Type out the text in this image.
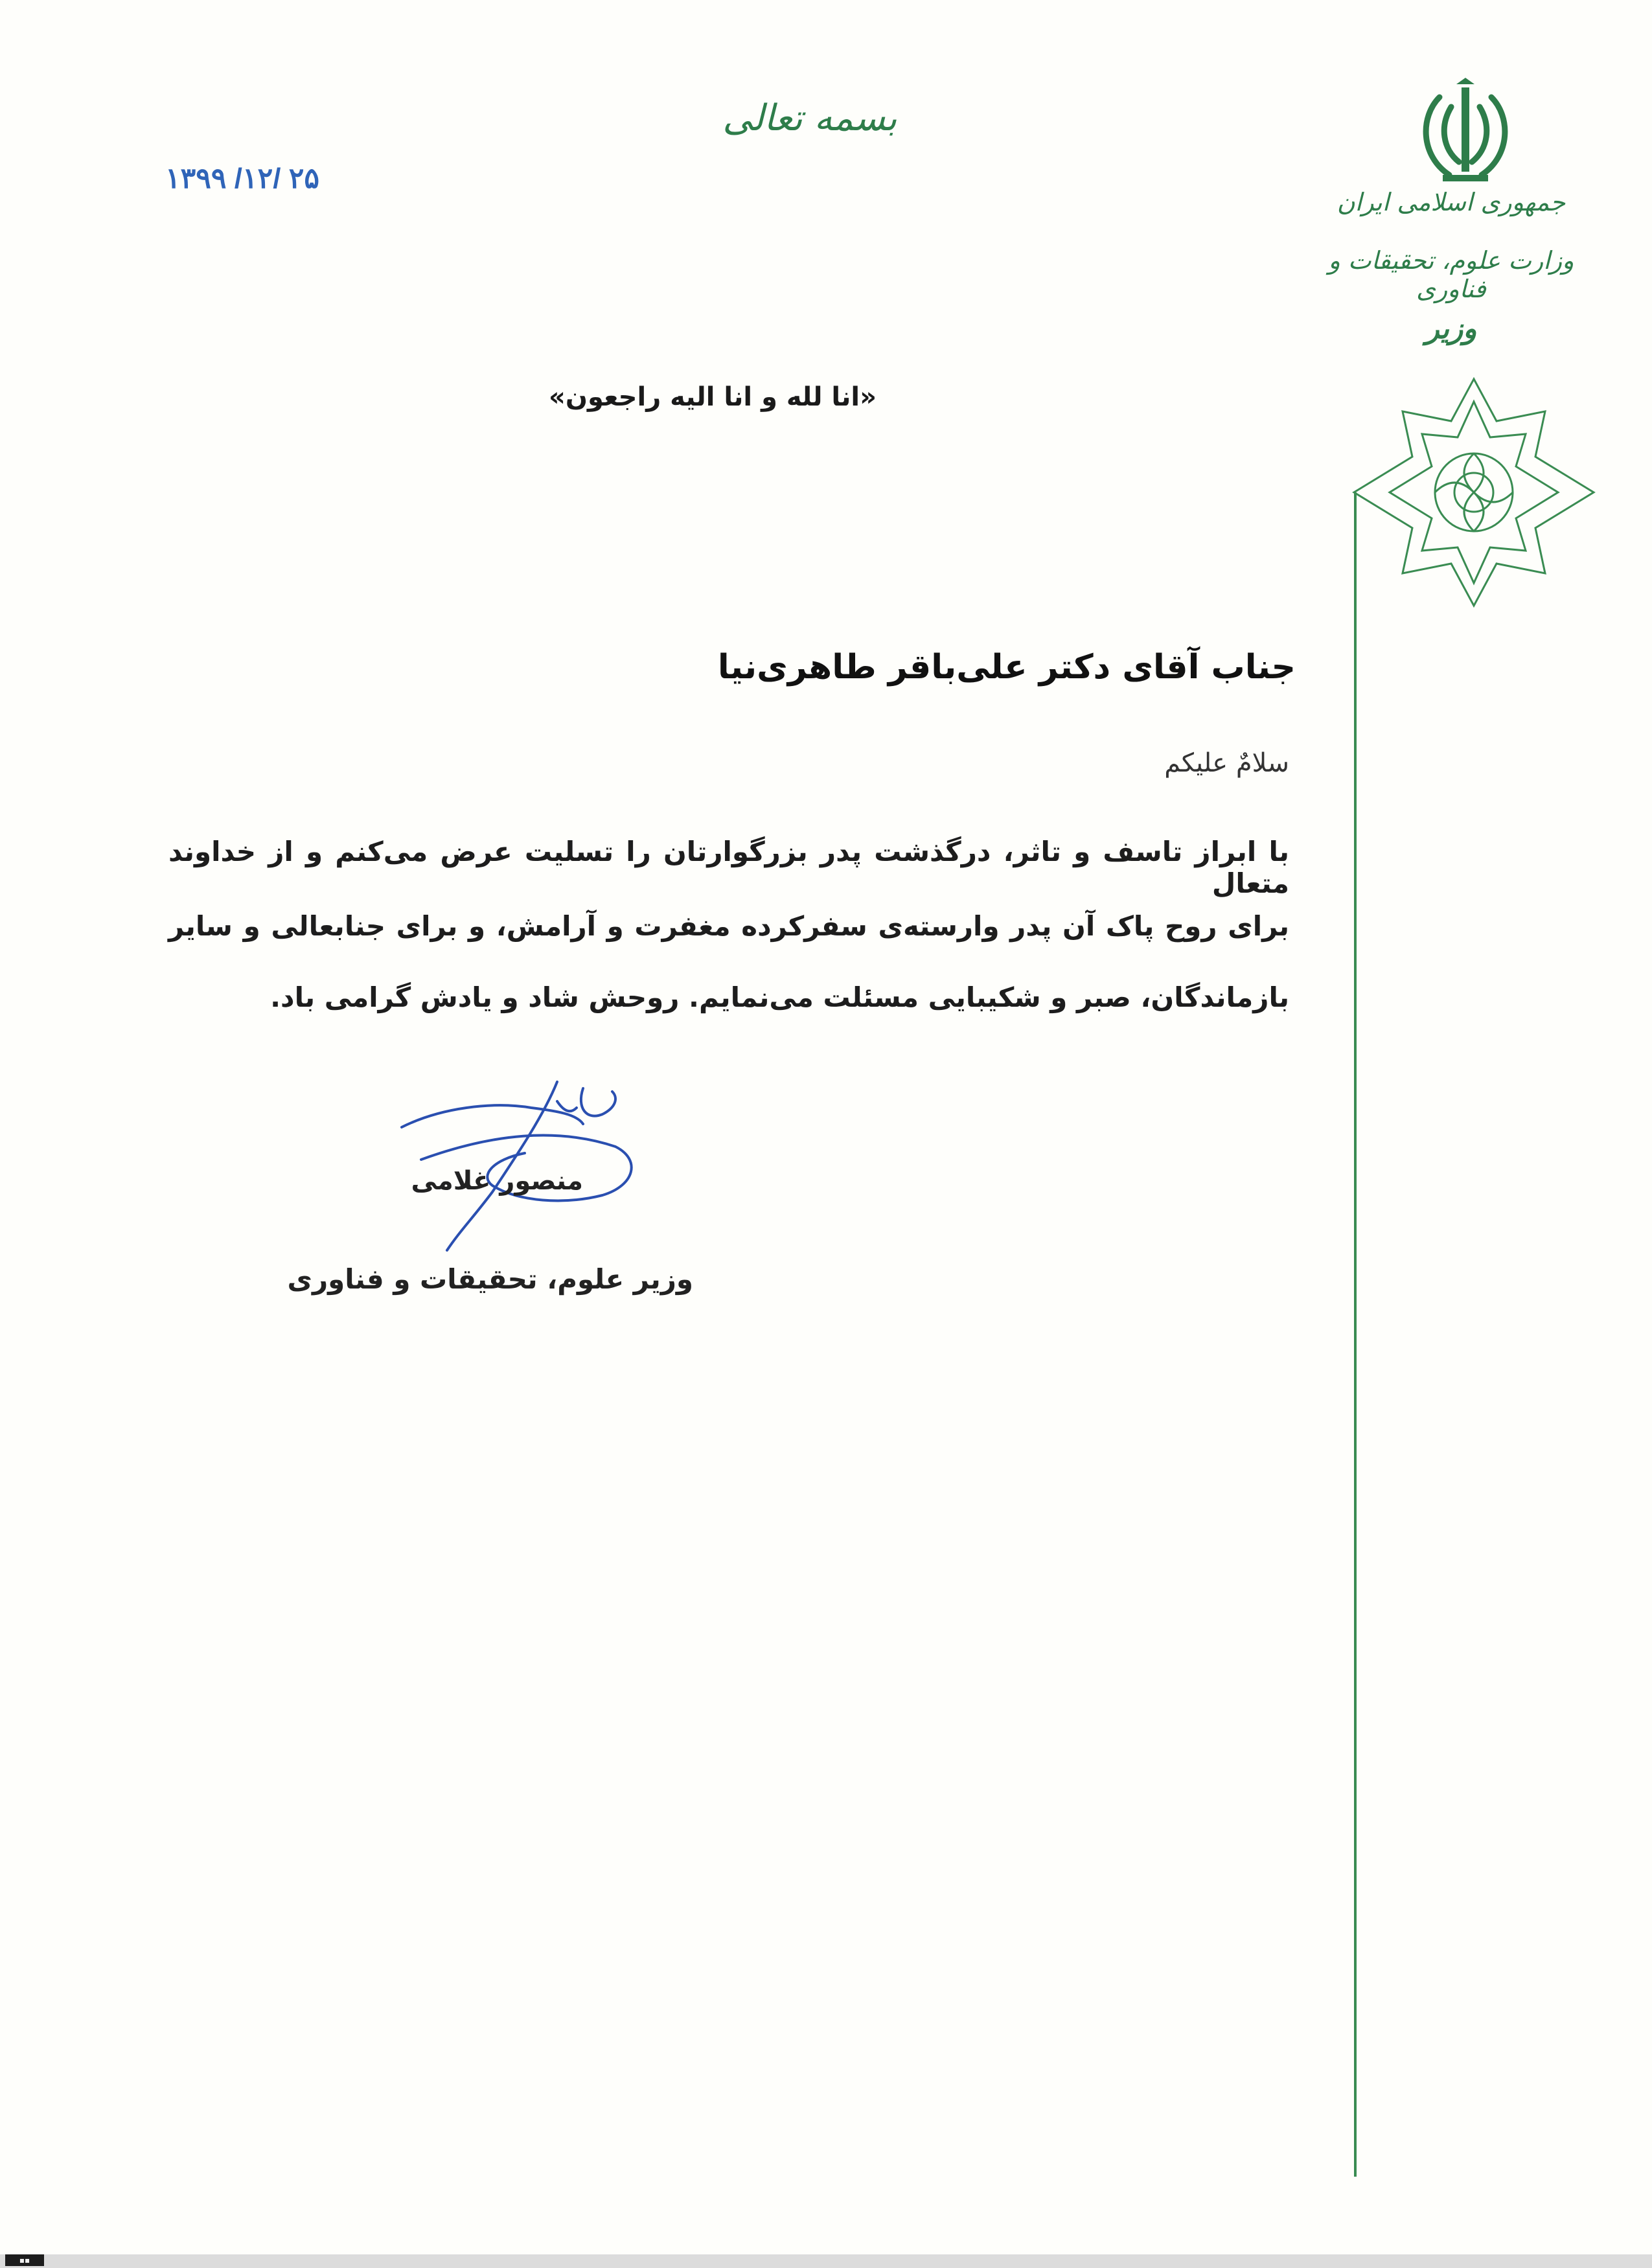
بسمه تعالی
۱۳۹۹ /۱۲/ ۲۵
جمهوری اسلامی ایران
وزارت علوم، تحقیقات و فناوری
وزیر
«انا لله و انا الیه راجعون»
جناب آقای دکتر علی‌باقر طاهری‌نیا
سلامٌ علیکم
با ابراز تاسف و تاثر، درگذشت پدر بزرگوارتان را تسلیت عرض می‌کنم و از خداوند متعال
برای روح پاک آن پدر وارسته‌ی سفرکرده مغفرت و آرامش، و برای جنابعالی و سایر
بازماندگان، صبر و شکیبایی مسئلت می‌نمایم. روحش شاد و یادش گرامی باد.
منصور غلامی
وزیر علوم، تحقیقات و فناوری
▪▪
